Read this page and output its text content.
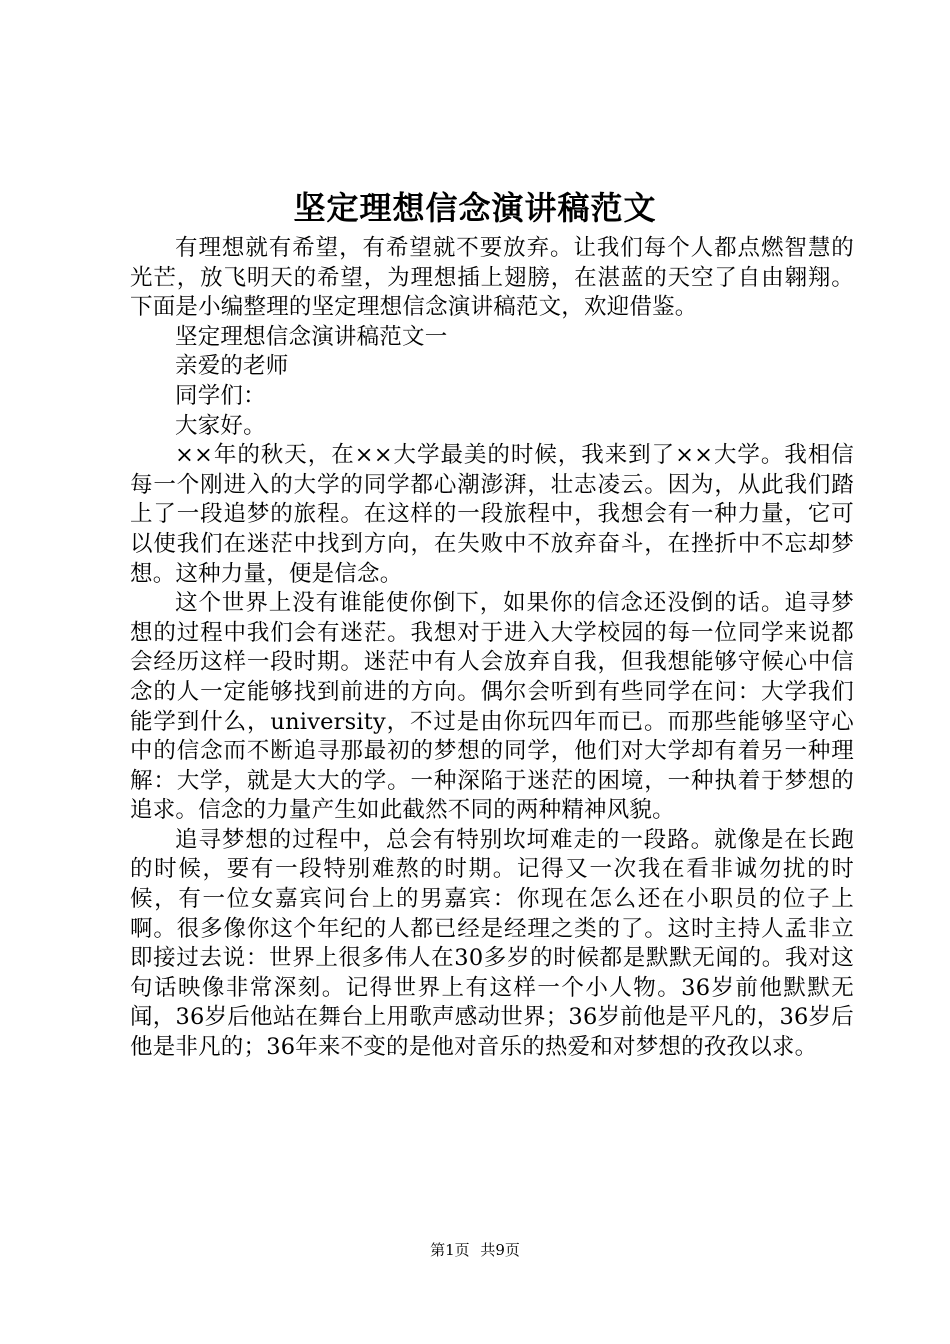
坚定理想信念演讲稿范文

有理想就有希望，有希望就不要放弃。让我们每个人都点燃智慧的光芒，放飞明天的希望，为理想插上翅膀，在湛蓝的天空了自由翱翔。下面是小编整理的坚定理想信念演讲稿范文，欢迎借鉴。

坚定理想信念演讲稿范文一

亲爱的老师

同学们：

大家好。

××年的秋天，在××大学最美的时候，我来到了××大学。我相信每一个刚进入的大学的同学都心潮澎湃，壮志凌云。因为，从此我们踏上了一段追梦的旅程。在这样的一段旅程中，我想会有一种力量，它可以使我们在迷茫中找到方向，在失败中不放弃奋斗，在挫折中不忘却梦想。这种力量，便是信念。

这个世界上没有谁能使你倒下，如果你的信念还没倒的话。追寻梦想的过程中我们会有迷茫。我想对于进入大学校园的每一位同学来说都会经历这样一段时期。迷茫中有人会放弃自我，但我想能够守候心中信念的人一定能够找到前进的方向。偶尔会听到有些同学在问：大学我们能学到什么，university，不过是由你玩四年而已。而那些能够坚守心中的信念而不断追寻那最初的梦想的同学，他们对大学却有着另一种理解：大学，就是大大的学。一种深陷于迷茫的困境，一种执着于梦想的追求。信念的力量产生如此截然不同的两种精神风貌。

追寻梦想的过程中，总会有特别坎坷难走的一段路。就像是在长跑的时候，要有一段特别难熬的时期。记得又一次我在看非诚勿扰的时候，有一位女嘉宾问台上的男嘉宾：你现在怎么还在小职员的位子上啊。很多像你这个年纪的人都已经是经理之类的了。这时主持人孟非立即接过去说：世界上很多伟人在30多岁的时候都是默默无闻的。我对这句话映像非常深刻。记得世界上有这样一个小人物。36岁前他默默无闻，36岁后他站在舞台上用歌声感动世界；36岁前他是平凡的，36岁后他是非凡的；36年来不变的是他对音乐的热爱和对梦想的孜孜以求。

第1页 共9页
